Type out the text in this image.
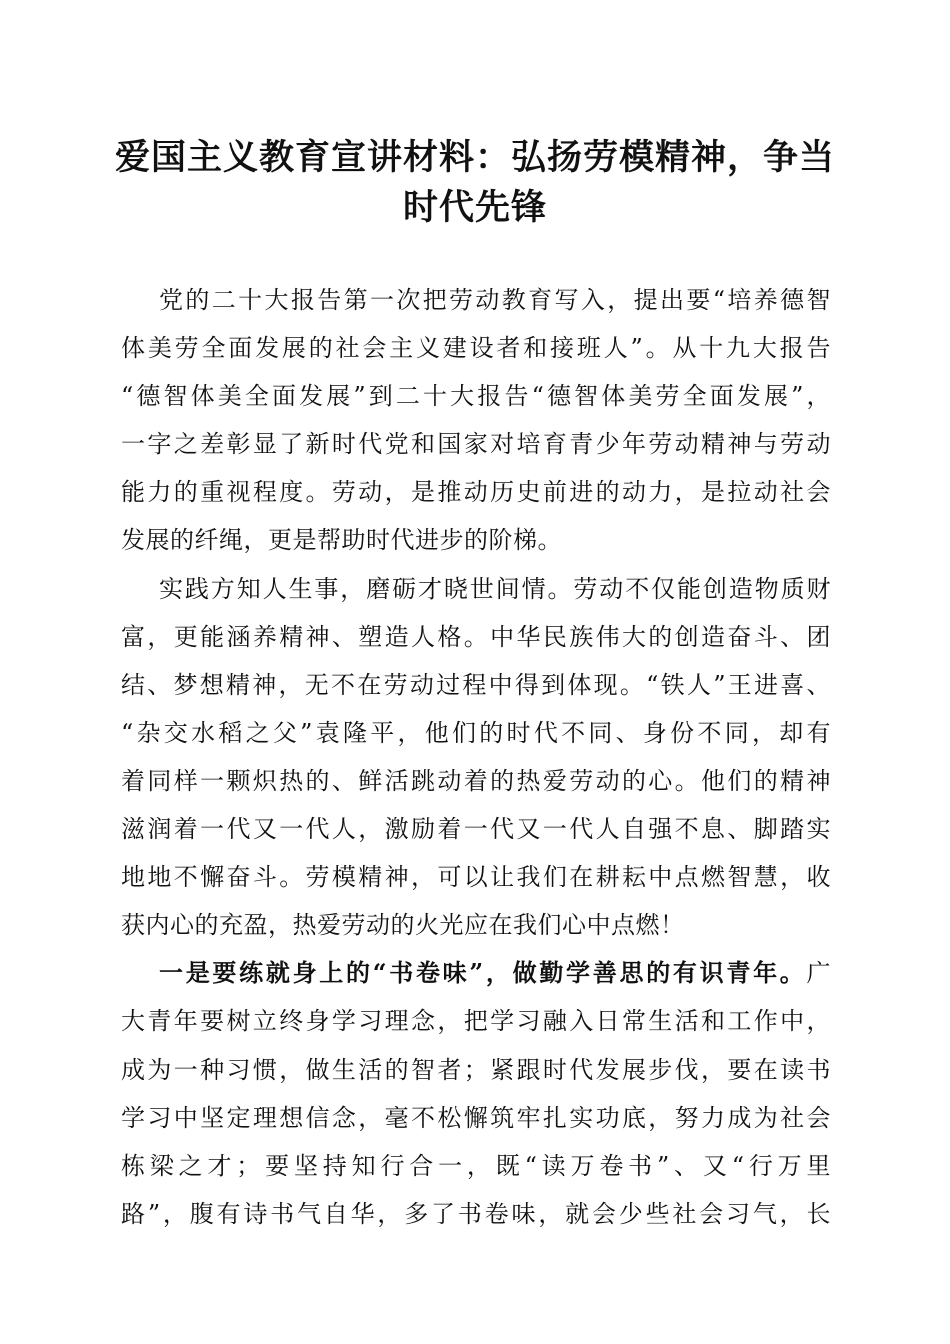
爱国主义教育宣讲材料：弘扬劳模精神，争当
时代先锋
党的二十大报告第一次把劳动教育写入，提出要“培养德智
体美劳全面发展的社会主义建设者和接班人”。从十九大报告
“德智体美全面发展”到二十大报告“德智体美劳全面发展”，
一字之差彰显了新时代党和国家对培育青少年劳动精神与劳动
能力的重视程度。劳动，是推动历史前进的动力，是拉动社会
发展的纤绳，更是帮助时代进步的阶梯。
实践方知人生事，磨砺才晓世间情。劳动不仅能创造物质财
富，更能涵养精神、塑造人格。中华民族伟大的创造奋斗、团
结、梦想精神，无不在劳动过程中得到体现。“铁人”王进喜、
“杂交水稻之父”袁隆平，他们的时代不同、身份不同，却有
着同样一颗炽热的、鲜活跳动着的热爱劳动的心。他们的精神
滋润着一代又一代人，激励着一代又一代人自强不息、脚踏实
地地不懈奋斗。劳模精神，可以让我们在耕耘中点燃智慧，收
获内心的充盈，热爱劳动的火光应在我们心中点燃！
一是要练就身上的“书卷味”，做勤学善思的有识青年。广
大青年要树立终身学习理念，把学习融入日常生活和工作中，
成为一种习惯，做生活的智者；紧跟时代发展步伐，要在读书
学习中坚定理想信念，毫不松懈筑牢扎实功底，努力成为社会
栋梁之才；要坚持知行合一，既“读万卷书”、又“行万里
路”，腹有诗书气自华，多了书卷味，就会少些社会习气，长
